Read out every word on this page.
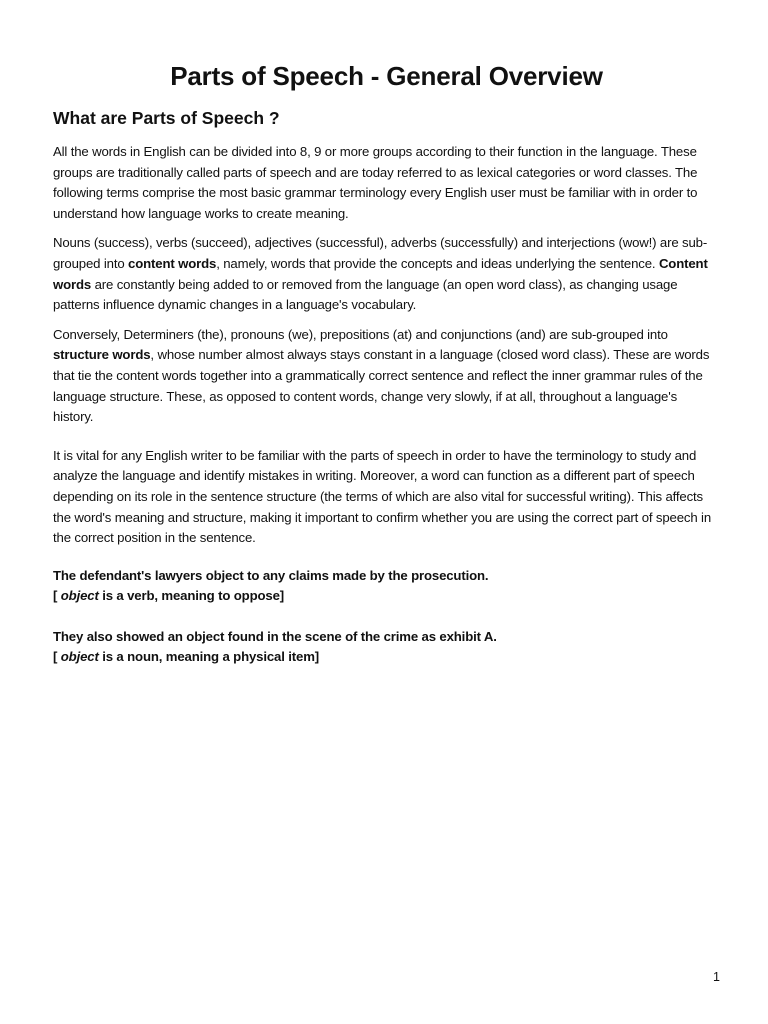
Parts of Speech - General Overview
What are Parts of Speech ?

All the words in English can be divided into 8, 9 or more groups according to their function in the language. These groups are traditionally called parts of speech and are today referred to as lexical categories or word classes. The following terms comprise the most basic grammar terminology every English user must be familiar with in order to understand how language works to create meaning.

Nouns (success), verbs (succeed), adjectives (successful), adverbs (successfully) and interjections (wow!) are sub-grouped into content words, namely, words that provide the concepts and ideas underlying the sentence. Content words are constantly being added to or removed from the language (an open word class), as changing usage patterns influence dynamic changes in a language's vocabulary.

Conversely, Determiners (the), pronouns (we), prepositions (at) and conjunctions (and) are sub-grouped into structure words, whose number almost always stays constant in a language (closed word class). These are words that tie the content words together into a grammatically correct sentence and reflect the inner grammar rules of the language structure. These, as opposed to content words, change very slowly, if at all, throughout a language's history.

It is vital for any English writer to be familiar with the parts of speech in order to have the terminology to study and analyze the language and identify mistakes in writing. Moreover, a word can function as a different part of speech depending on its role in the sentence structure (the terms of which are also vital for successful writing). This affects the word's meaning and structure, making it important to confirm whether you are using the correct part of speech in the correct position in the sentence.

The defendant's lawyers object to any claims made by the prosecution.
[ object is a verb, meaning to oppose]
They also showed an object found in the scene of the crime as exhibit A.
[ object is a noun, meaning a physical item]
1
